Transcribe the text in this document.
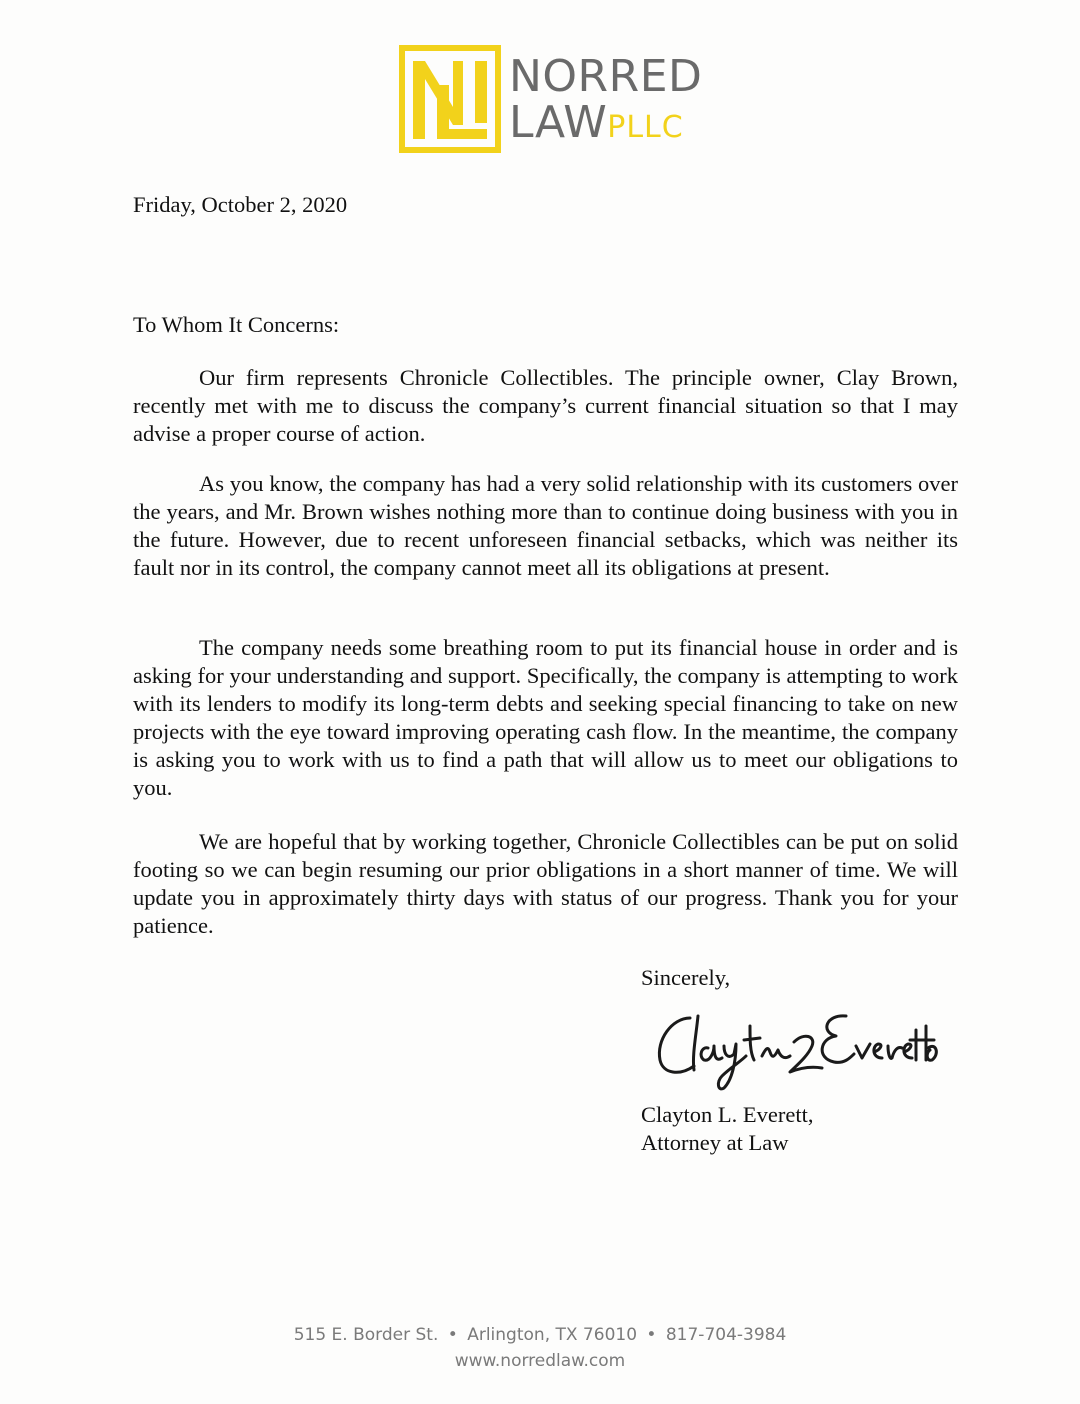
NORRED
LAWPLLC
Friday, October 2, 2020
To Whom It Concerns:
Our firm represents Chronicle Collectibles. The principle owner, Clay Brown, recently met with me to discuss the company’s current financial situation so that I may advise a proper course of action.
As you know, the company has had a very solid relationship with its customers over the years, and Mr. Brown wishes nothing more than to continue doing business with you in the future. However, due to recent unforeseen financial setbacks, which was neither its fault nor in its control, the company cannot meet all its obligations at present.
The company needs some breathing room to put its financial house in order and is asking for your understanding and support. Specifically, the company is attempting to work with its lenders to modify its long-term debts and seeking special financing to take on new projects with the eye toward improving operating cash flow. In the meantime, the company is asking you to work with us to find a path that will allow us to meet our obligations to you.
We are hopeful that by working together, Chronicle Collectibles can be put on solid footing so we can begin resuming our prior obligations in a short manner of time. We will update you in approximately thirty days with status of our progress. Thank you for your patience.
Sincerely,
Clayton L. Everett,
Attorney at Law
515 E. Border St. • Arlington, TX 76010 • 817-704-3984
www.norredlaw.com
